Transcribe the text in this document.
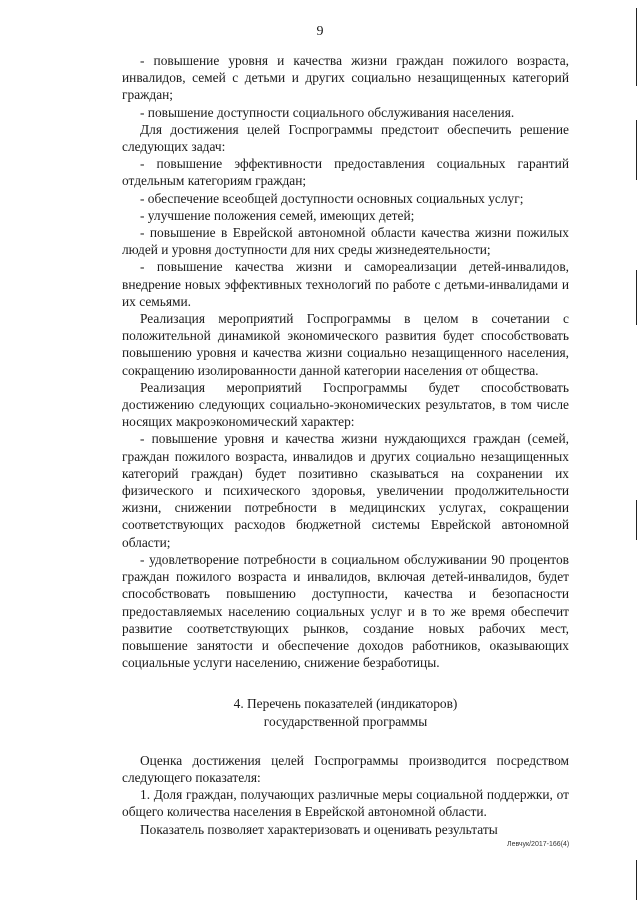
9

- повышение уровня и качества жизни граждан пожилого возраста, инвалидов, семей с детьми и других социально незащищенных категорий граждан;

- повышение доступности социального обслуживания населения.

Для достижения целей Госпрограммы предстоит обеспечить решение следующих задач:

- повышение эффективности предоставления социальных гарантий отдельным категориям граждан;

- обеспечение всеобщей доступности основных социальных услуг;

- улучшение положения семей, имеющих детей;

- повышение в Еврейской автономной области качества жизни пожилых людей и уровня доступности для них среды жизнедеятельности;

- повышение качества жизни и самореализации детей-инвалидов, внедрение новых эффективных технологий по работе с детьми-инвалидами и их семьями.

Реализация мероприятий Госпрограммы в целом в сочетании с положительной динамикой экономического развития будет способствовать повышению уровня и качества жизни социально незащищенного населения, сокращению изолированности данной категории населения от общества.

Реализация мероприятий Госпрограммы будет способствовать достижению следующих социально-экономических результатов, в том числе носящих макроэкономический характер:

- повышение уровня и качества жизни нуждающихся граждан (семей, граждан пожилого возраста, инвалидов и других социально незащищенных категорий граждан) будет позитивно сказываться на сохранении их физического и психического здоровья, увеличении продолжительности жизни, снижении потребности в медицинских услугах, сокращении соответствующих расходов бюджетной системы Еврейской автономной области;

- удовлетворение потребности в социальном обслуживании 90 процентов граждан пожилого возраста и инвалидов, включая детей-инвалидов, будет способствовать повышению доступности, качества и безопасности предоставляемых населению социальных услуг и в то же время обеспечит развитие соответствующих рынков, создание новых рабочих мест, повышение занятости и обеспечение доходов работников, оказывающих социальные услуги населению, снижение безработицы.

4. Перечень показателей (индикаторов)
государственной программы

Оценка достижения целей Госпрограммы производится посредством следующего показателя:

1. Доля граждан, получающих различные меры социальной поддержки, от общего количества населения в Еврейской автономной области.

Показатель позволяет характеризовать и оценивать результаты

Левчук/2017-166(4)
